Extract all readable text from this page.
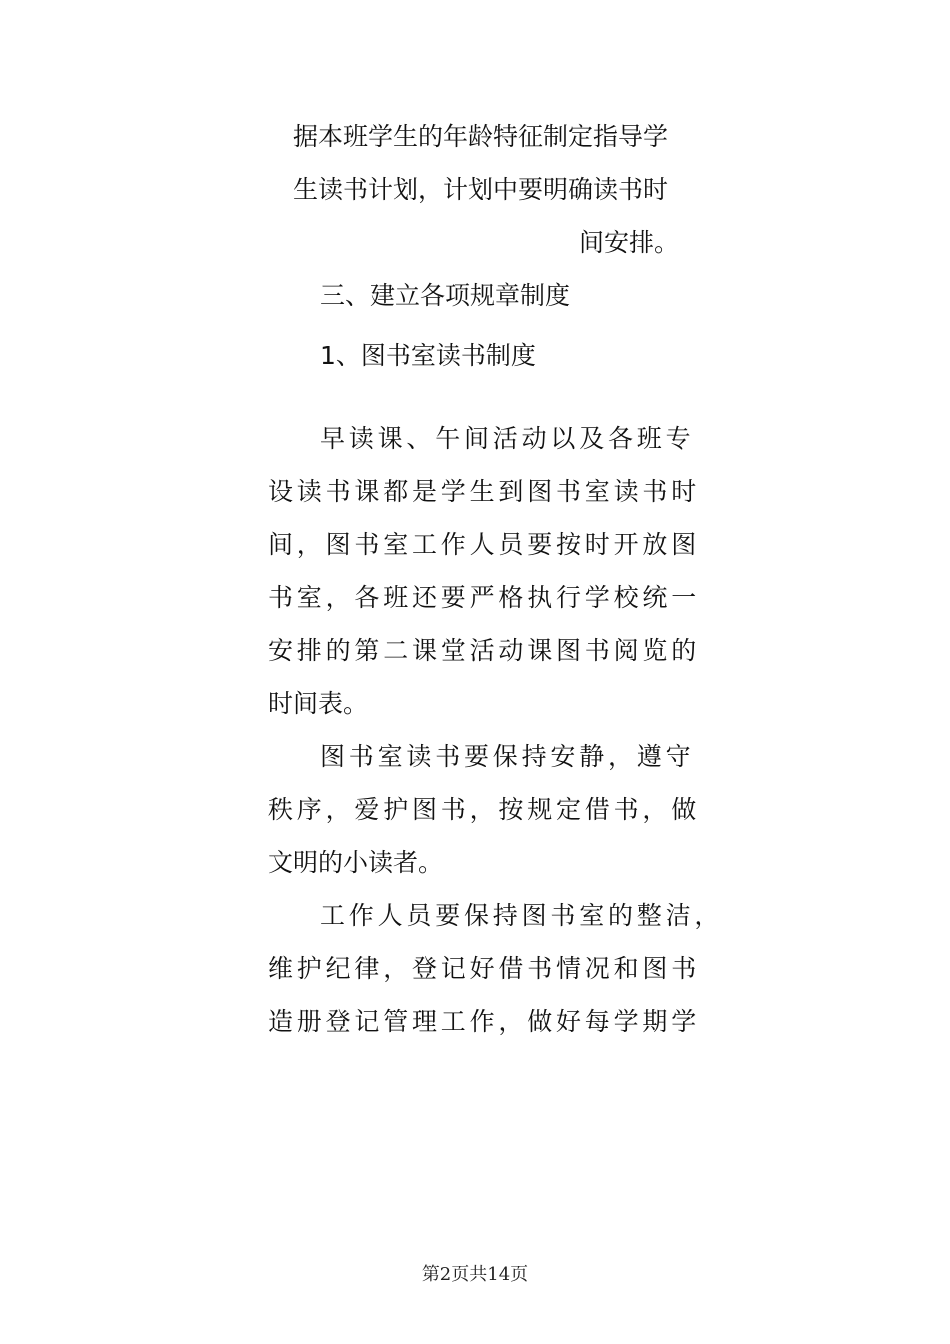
据本班学生的年龄特征制定指导学
生读书计划，计划中要明确读书时
间安排。
三、建立各项规章制度
1、图书室读书制度
早读课、午间活动以及各班专
设读书课都是学生到图书室读书时
间，图书室工作人员要按时开放图
书室，各班还要严格执行学校统一
安排的第二课堂活动课图书阅览的
时间表。
图书室读书要保持安静，遵守
秩序，爱护图书，按规定借书，做
文明的小读者。
工作人员要保持图书室的整洁，
维护纪律，登记好借书情况和图书
造册登记管理工作，做好每学期学
第2页共14页
